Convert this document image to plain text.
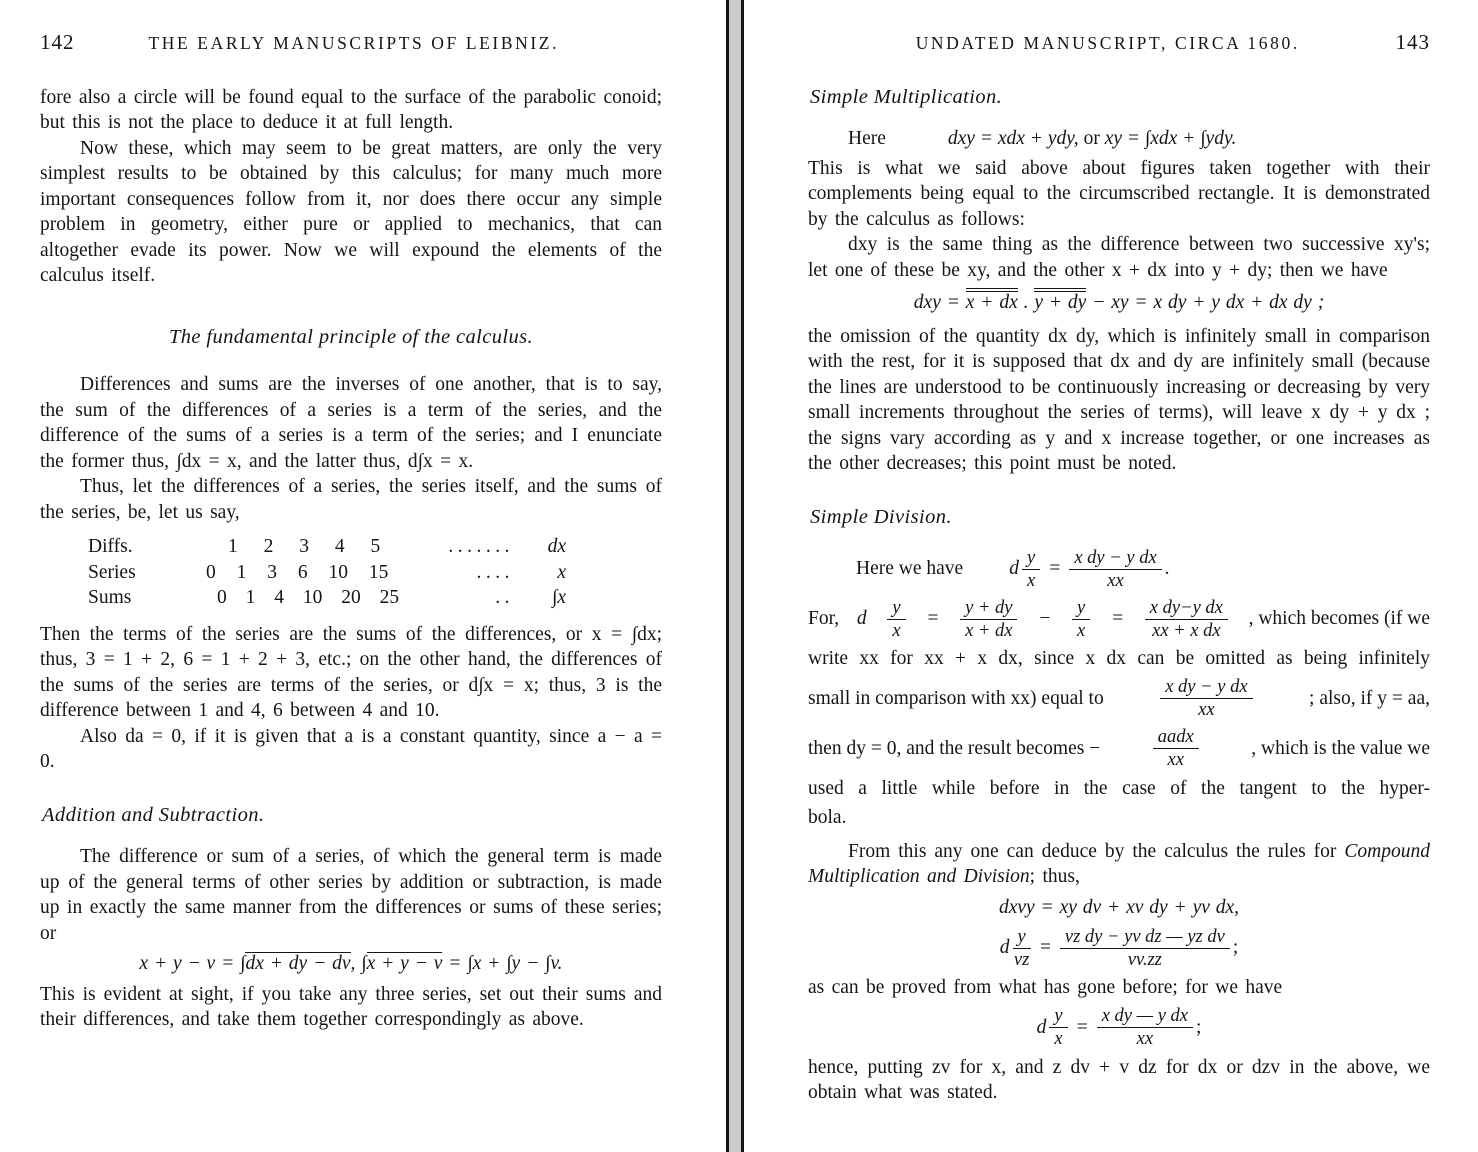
142	THE EARLY MANUSCRIPTS OF LEIBNIZ.

fore also a circle will be found equal to the surface of the parabolic conoid; but this is not the place to deduce it at full length.

Now these, which may seem to be great matters, are only the very simplest results to be obtained by this calculus; for many much more important consequences follow from it, nor does there occur any simple problem in geometry, either pure or applied to mechanics, that can altogether evade its power. Now we will expound the elements of the calculus itself.

The fundamental principle of the calculus.

Differences and sums are the inverses of one another, that is to say, the sum of the differences of a series is a term of the series, and the difference of the sums of a series is a term of the series; and I enunciate the former thus, ∫dx = x, and the latter thus, d∫x = x.

Thus, let the differences of a series, the series itself, and the sums of the series, be, let us say,

Diffs.	1 2 3 4 5	.......	dx
Series	0 1 3 6 10 15	....	x
Sums	0 1 4 10 20 25	..	∫x

Then the terms of the series are the sums of the differences, or x = ∫dx; thus, 3 = 1 + 2, 6 = 1 + 2 + 3, etc.; on the other hand, the differences of the sums of the series are terms of the series, or d∫x = x; thus, 3 is the difference between 1 and 4, 6 between 4 and 10.

Also da = 0, if it is given that a is a constant quantity, since a − a = 0.

Addition and Subtraction.

The difference or sum of a series, of which the general term is made up of the general terms of other series by addition or subtraction, is made up in exactly the same manner from the differences or sums of these series; or

x + y − v = ∫dx + dy − dv, ∫x + y − v = ∫x + ∫y − ∫v.

This is evident at sight, if you take any three series, set out their sums and their differences, and take them together correspondingly as above.

UNDATED MANUSCRIPT, CIRCA 1680.	143
Simple Multiplication.
Here	dxy = xdx + ydy, or xy = ∫xdx + ∫ydy.

This is what we said above about figures taken together with their complements being equal to the circumscribed rectangle. It is demonstrated by the calculus as follows:

dxy is the same thing as the difference between two successive xy's; let one of these be xy, and the other x + dx into y + dy; then we have

dxy = x + dx . y + dy − xy = x dy + y dx + dx dy ;

the omission of the quantity dx dy, which is infinitely small in comparison with the rest, for it is supposed that dx and dy are infinitely small (because the lines are understood to be continuously increasing or decreasing by very small increments throughout the series of terms), will leave x dy + y dx ; the signs vary according as y and x increase together, or one increases as the other decreases; this point must be noted.

Simple Division.
Here we have d $\frac{y}{x} = \frac{\text{x dy − y dx}}{xx}$ .
For, d $\frac{y}{x} = \frac{y + dy}{x + dx} - \frac{y}{x} = \frac{\text{x dy−y dx}}{\text{xx + x dx}}$ , which becomes (if we
write xx for xx + x dx, since x dx can be omitted as being infinitely
small in comparison with xx) equal to	$\frac{\text{x dy − y dx}}{xx}$	; also, if y = aa,
then dy = 0, and the result becomes −	$\frac{\text{aadx}}{xx}$	, which is the value we
used a little while before in the case of the tangent to the hyper-
bola.

From this any one can deduce by the calculus the rules for Compound Multiplication and Division; thus,

dxvy = xy dv + xv dy + yv dx,
d $\frac{y}{vz} = \frac{\text{vz dy − yv dz — yz dv}}{vv.zz}$ ;

as can be proved from what has gone before; for we have

d $\frac{y}{x} = \frac{\text{x dy — y dx}}{xx}$ ;

hence, putting zv for x, and z dv + v dz for dx or dzv in the above, we obtain what was stated.
